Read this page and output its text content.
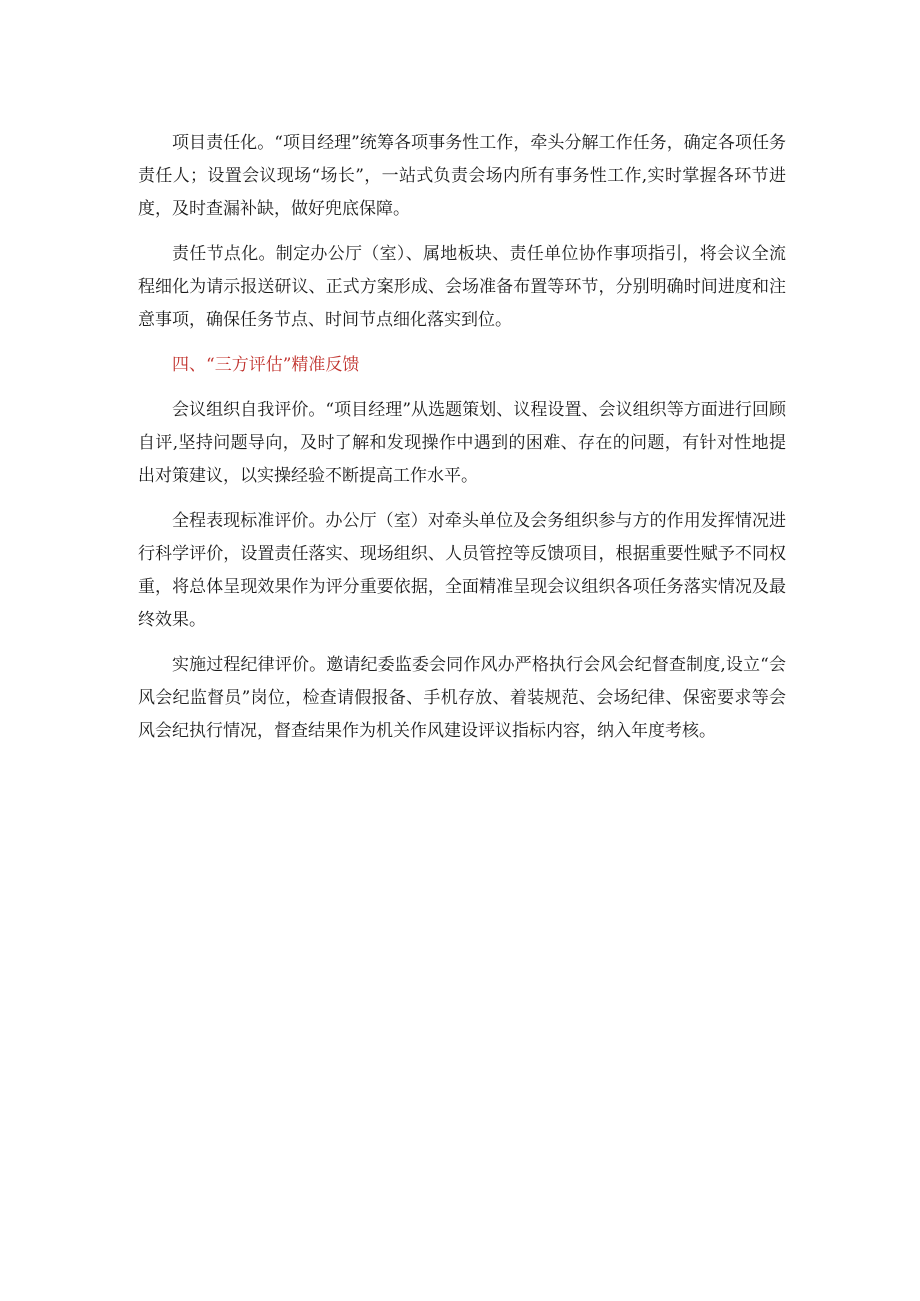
项目责任化。“项目经理”统筹各项事务性工作，牵头分解工作任务，确定各项任务责任人；设置会议现场“场长”，一站式负责会场内所有事务性工作,实时掌握各环节进度，及时查漏补缺，做好兜底保障。

责任节点化。制定办公厅（室）、属地板块、责任单位协作事项指引，将会议全流程细化为请示报送研议、正式方案形成、会场准备布置等环节，分别明确时间进度和注意事项，确保任务节点、时间节点细化落实到位。

四、“三方评估”精准反馈

会议组织自我评价。“项目经理”从选题策划、议程设置、会议组织等方面进行回顾自评,坚持问题导向，及时了解和发现操作中遇到的困难、存在的问题，有针对性地提出对策建议，以实操经验不断提高工作水平。

全程表现标准评价。办公厅（室）对牵头单位及会务组织参与方的作用发挥情况进行科学评价，设置责任落实、现场组织、人员管控等反馈项目，根据重要性赋予不同权重，将总体呈现效果作为评分重要依据，全面精准呈现会议组织各项任务落实情况及最终效果。

实施过程纪律评价。邀请纪委监委会同作风办严格执行会风会纪督查制度,设立“会风会纪监督员”岗位，检查请假报备、手机存放、着装规范、会场纪律、保密要求等会风会纪执行情况，督查结果作为机关作风建设评议指标内容，纳入年度考核。
